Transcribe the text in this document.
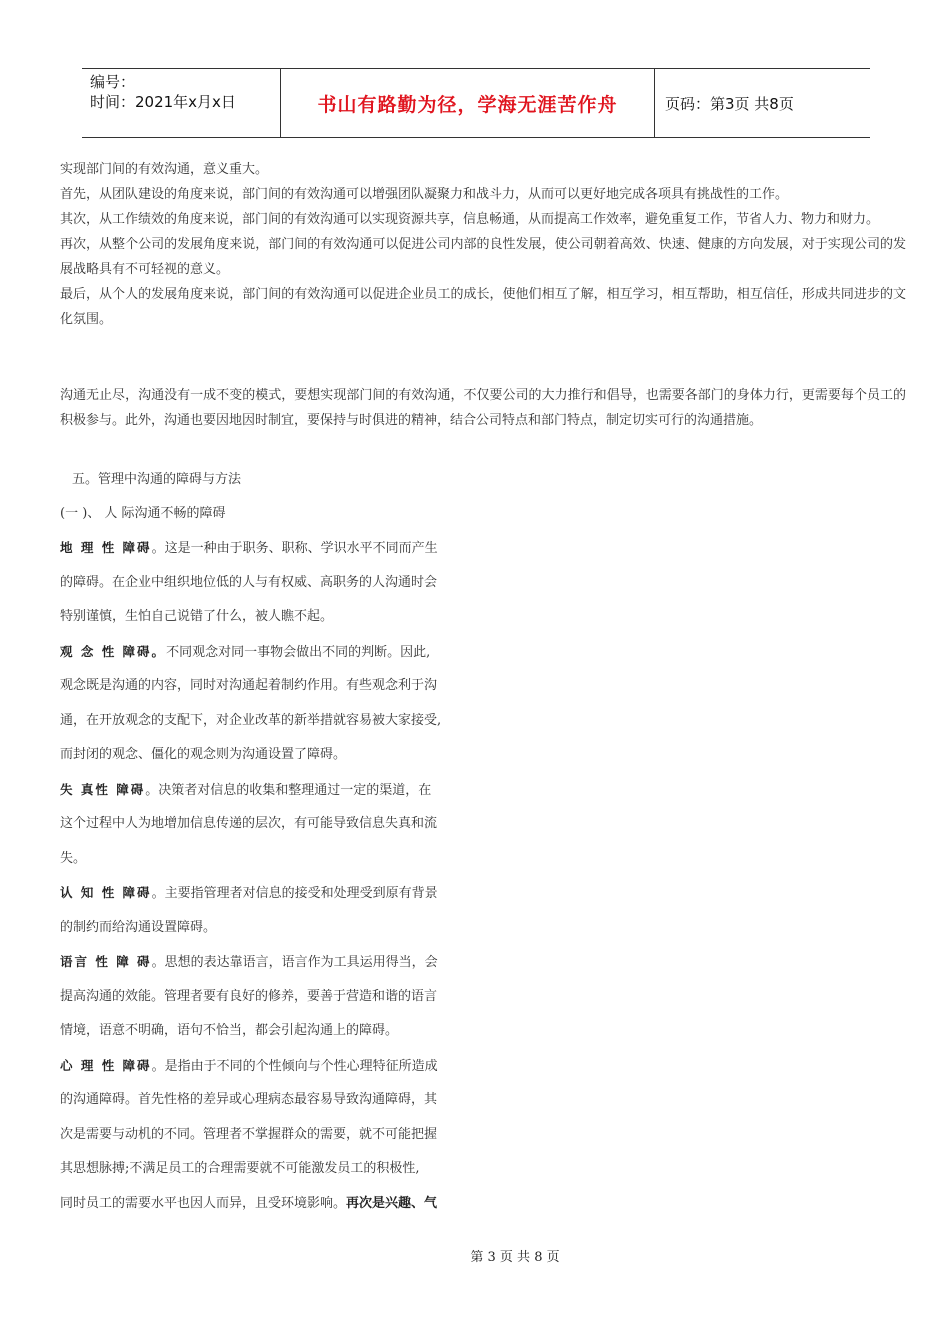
编号：
时间：2021年x月x日	书山有路勤为径，学海无涯苦作舟	页码：第3页 共8页

实现部门间的有效沟通，意义重大。

首先，从团队建设的角度来说，部门间的有效沟通可以增强团队凝聚力和战斗力，从而可以更好地完成各项具有挑战性的工作。

其次，从工作绩效的角度来说，部门间的有效沟通可以实现资源共享，信息畅通，从而提高工作效率，避免重复工作，节省人力、物力和财力。

再次，从整个公司的发展角度来说，部门间的有效沟通可以促进公司内部的良性发展，使公司朝着高效、快速、健康的方向发展，对于实现公司的发展战略具有不可轻视的意义。

最后，从个人的发展角度来说，部门间的有效沟通可以促进企业员工的成长，使他们相互了解，相互学习，相互帮助，相互信任，形成共同进步的文化氛围。

沟通无止尽，沟通没有一成不变的模式，要想实现部门间的有效沟通，不仅要公司的大力推行和倡导，也需要各部门的身体力行，更需要每个员工的积极参与。此外，沟通也要因地因时制宜，要保持与时俱进的精神，结合公司特点和部门特点，制定切实可行的沟通措施。

五。管理中沟通的障碍与方法

(一 )、 人 际沟通不畅的障碍

地 理 性 障碍。这是一种由于职务、职称、学识水平不同而产生

的障碍。在企业中组织地位低的人与有权威、高职务的人沟通时会

特别谨慎，生怕自己说错了什么，被人瞧不起。

观 念 性 障碍。不同观念对同一事物会做出不同的判断。因此,

观念既是沟通的内容，同时对沟通起着制约作用。有些观念利于沟

通，在开放观念的支配下，对企业改革的新举措就容易被大家接受,

而封闭的观念、僵化的观念则为沟通设置了障碍。

失 真性 障碍。决策者对信息的收集和整理通过一定的渠道，在

这个过程中人为地增加信息传递的层次，有可能导致信息失真和流

失。

认 知 性 障碍。主要指管理者对信息的接受和处理受到原有背景

的制约而给沟通设置障碍。

语言 性 障 碍。思想的表达靠语言，语言作为工具运用得当，会

提高沟通的效能。管理者要有良好的修养，要善于营造和谐的语言

情境，语意不明确，语句不恰当，都会引起沟通上的障碍。

心 理 性 障碍。是指由于不同的个性倾向与个性心理特征所造成

的沟通障碍。首先性格的差异或心理病态最容易导致沟通障碍，其

次是需要与动机的不同。管理者不掌握群众的需要，就不可能把握

其思想脉搏;不满足员工的合理需要就不可能激发员工的积极性,

同时员工的需要水平也因人而异，且受环境影响。再次是兴趣、气

第 3 页 共 8 页
